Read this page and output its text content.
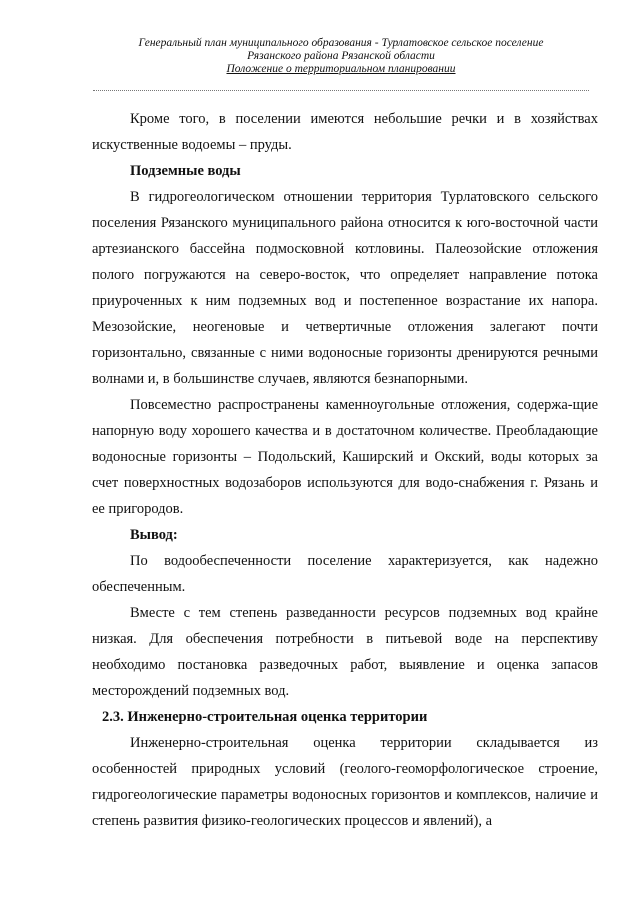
Генеральный план муниципального образования - Турлатовское сельское поселение
Рязанского района Рязанской области
Положение о территориальном планировании

Кроме того, в поселении имеются небольшие речки и в хозяйствах искуственные водоемы – пруды.

Подземные воды

В гидрогеологическом отношении территория Турлатовского сельского поселения Рязанского муниципального района относится к юго-восточной части артезианского бассейна подмосковной котловины. Палеозойские отложения полого погружаются на северо-восток, что определяет направление потока приуроченных к ним подземных вод и постепенное возрастание их напора. Мезозойские, неогеновые и четвертичные отложения залегают почти горизонтально, связанные с ними водоносные горизонты дренируются речными волнами и, в большинстве случаев, являются безнапорными.

Повсеместно распространены каменноугольные отложения, содержа-щие напорную воду хорошего качества и в достаточном количестве. Преобладающие водоносные горизонты – Подольский, Каширский и Окский, воды которых за счет поверхностных водозаборов используются для водо-снабжения г. Рязань и ее пригородов.

Вывод:

По водообеспеченности поселение характеризуется, как надежно обеспеченным.

Вместе с тем степень разведанности ресурсов подземных вод крайне низкая. Для обеспечения потребности в питьевой воде на перспективу необходимо постановка разведочных работ, выявление и оценка запасов месторождений подземных вод.

2.3. Инженерно-строительная оценка территории

Инженерно-строительная оценка территории складывается из особенностей природных условий (геолого-геоморфологическое строение, гидрогеологические параметры водоносных горизонтов и комплексов, наличие и степень развития физико-геологических процессов и явлений), а
